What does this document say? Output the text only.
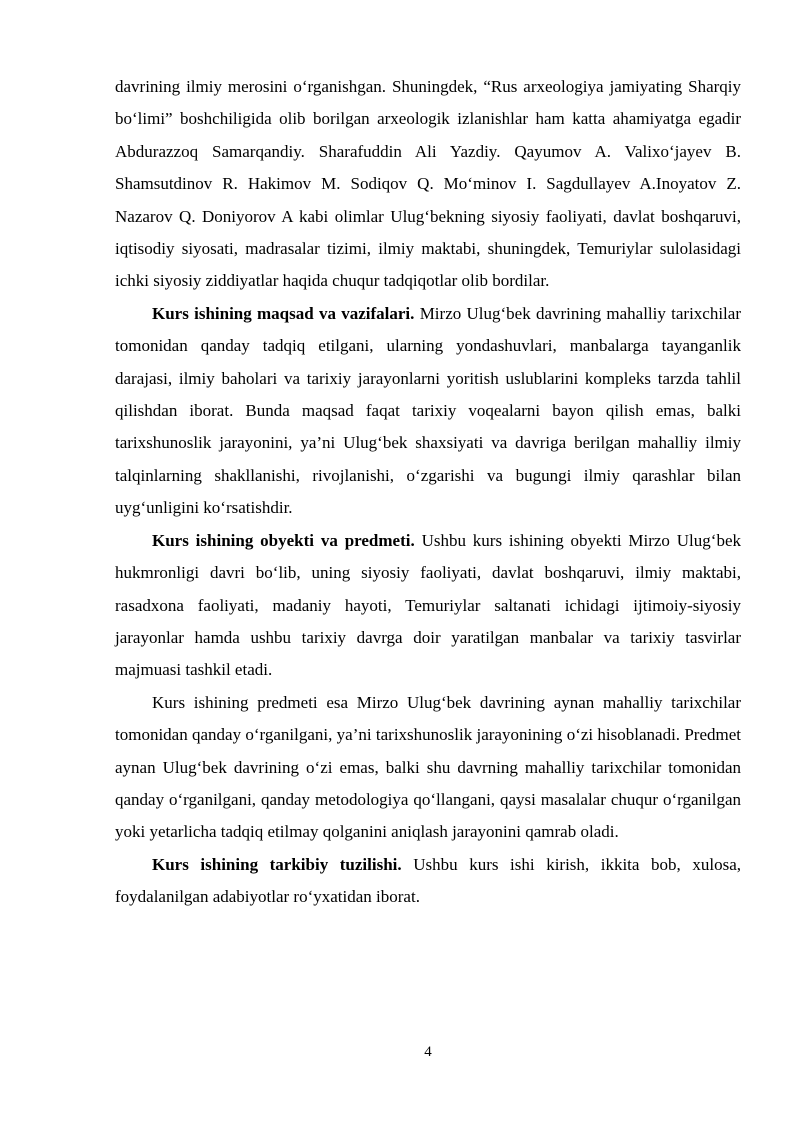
davrining ilmiy merosini o‘rganishgan. Shuningdek, “Rus arxeologiya jamiyating Sharqiy bo‘limi” boshchiligida olib borilgan arxeologik izlanishlar ham katta ahamiyatga egadir Abdurazzoq Samarqandiy. Sharafuddin Ali Yazdiy. Qayumov A. Valixo‘jayev B. Shamsutdinov R. Hakimov M. Sodiqov Q. Mo‘minov I. Sagdullayev A.Inoyatov Z. Nazarov Q. Doniyorov A kabi olimlar Ulug‘bekning siyosiy faoliyati, davlat boshqaruvi, iqtisodiy siyosati, madrasalar tizimi, ilmiy maktabi, shuningdek, Temuriylar sulolasidagi ichki siyosiy ziddiyatlar haqida chuqur tadqiqotlar olib bordilar.

Kurs ishining maqsad va vazifalari. Mirzo Ulug‘bek davrining mahalliy tarixchilar tomonidan qanday tadqiq etilgani, ularning yondashuvlari, manbalarga tayanganlik darajasi, ilmiy baholari va tarixiy jarayonlarni yoritish uslublarini kompleks tarzda tahlil qilishdan iborat. Bunda maqsad faqat tarixiy voqealarni bayon qilish emas, balki tarixshunoslik jarayonini, ya’ni Ulug‘bek shaxsiyati va davriga berilgan mahalliy ilmiy talqinlarning shakllanishi, rivojlanishi, o‘zgarishi va bugungi ilmiy qarashlar bilan uyg‘unligini ko‘rsatishdir.

Kurs ishining obyekti va predmeti. Ushbu kurs ishining obyekti Mirzo Ulug‘bek hukmronligi davri bo‘lib, uning siyosiy faoliyati, davlat boshqaruvi, ilmiy maktabi, rasadxona faoliyati, madaniy hayoti, Temuriylar saltanati ichidagi ijtimoiy-siyosiy jarayonlar hamda ushbu tarixiy davrga doir yaratilgan manbalar va tarixiy tasvirlar majmuasi tashkil etadi.

Kurs ishining predmeti esa Mirzo Ulug‘bek davrining aynan mahalliy tarixchilar tomonidan qanday o‘rganilgani, ya’ni tarixshunoslik jarayonining o‘zi hisoblanadi. Predmet aynan Ulug‘bek davrining o‘zi emas, balki shu davrning mahalliy tarixchilar tomonidan qanday o‘rganilgani, qanday metodologiya qo‘llangani, qaysi masalalar chuqur o‘rganilgan yoki yetarlicha tadqiq etilmay qolganini aniqlash jarayonini qamrab oladi.

Kurs ishining tarkibiy tuzilishi. Ushbu kurs ishi kirish, ikkita bob, xulosa, foydalanilgan adabiyotlar ro‘yxatidan iborat.

4
